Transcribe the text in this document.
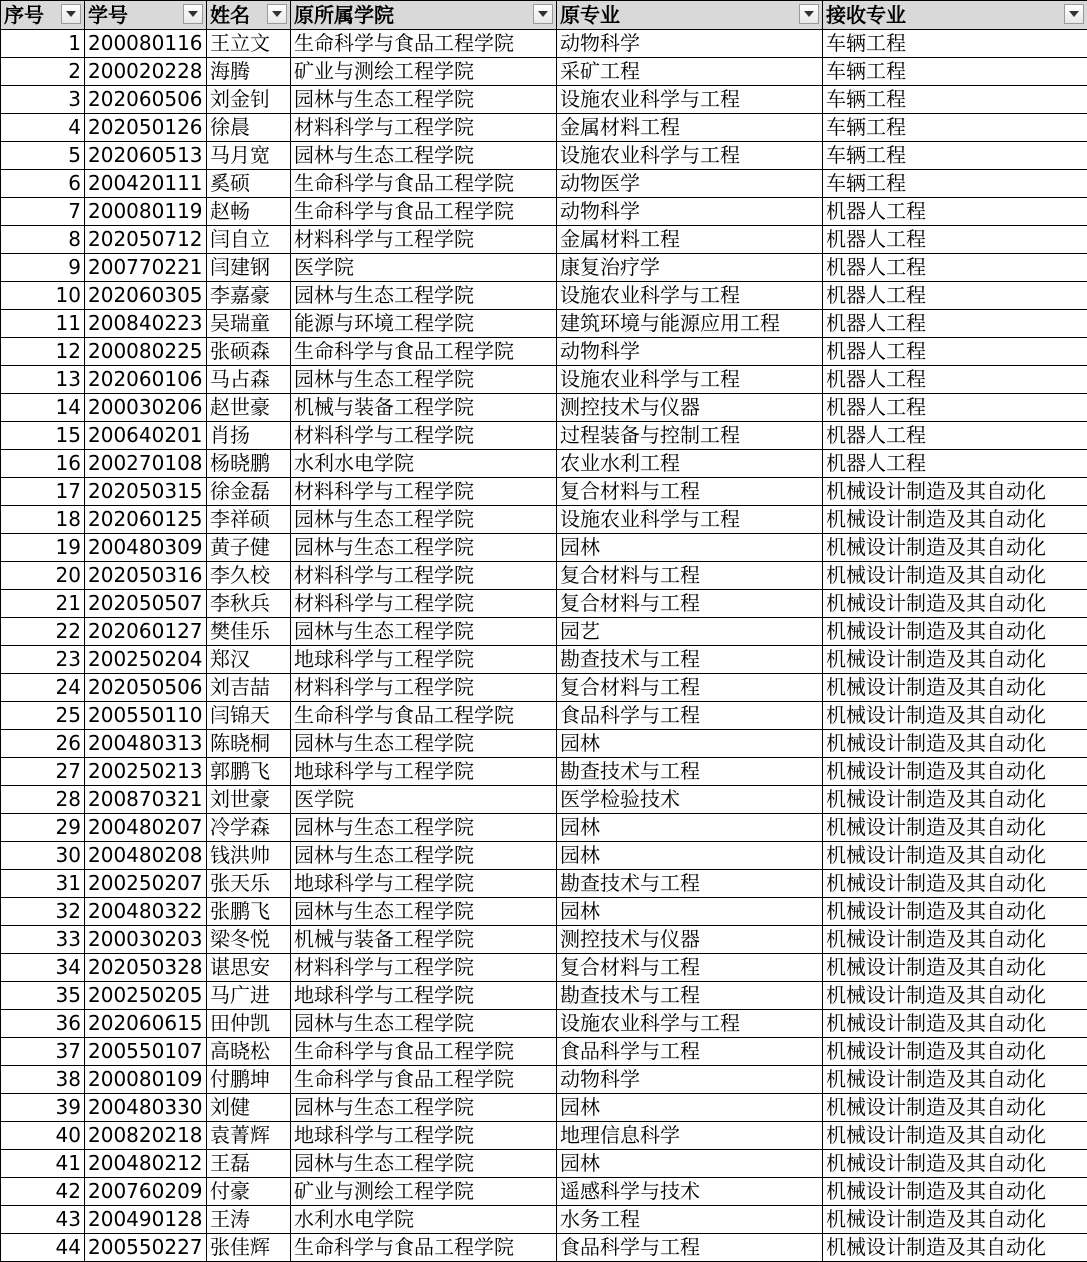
序号	学号	姓名	原所属学院	原专业	接收专业

1	200080116	王立文	生命科学与食品工程学院	动物科学	车辆工程
2	200020228	海腾	矿业与测绘工程学院	采矿工程	车辆工程
3	202060506	刘金钊	园林与生态工程学院	设施农业科学与工程	车辆工程
4	202050126	徐晨	材料科学与工程学院	金属材料工程	车辆工程
5	202060513	马月宽	园林与生态工程学院	设施农业科学与工程	车辆工程
6	200420111	奚硕	生命科学与食品工程学院	动物医学	车辆工程
7	200080119	赵畅	生命科学与食品工程学院	动物科学	机器人工程
8	202050712	闫自立	材料科学与工程学院	金属材料工程	机器人工程
9	200770221	闫建钢	医学院	康复治疗学	机器人工程
10	202060305	李嘉豪	园林与生态工程学院	设施农业科学与工程	机器人工程
11	200840223	吴瑞童	能源与环境工程学院	建筑环境与能源应用工程	机器人工程
12	200080225	张硕森	生命科学与食品工程学院	动物科学	机器人工程
13	202060106	马占森	园林与生态工程学院	设施农业科学与工程	机器人工程
14	200030206	赵世豪	机械与装备工程学院	测控技术与仪器	机器人工程
15	200640201	肖扬	材料科学与工程学院	过程装备与控制工程	机器人工程
16	200270108	杨晓鹏	水利水电学院	农业水利工程	机器人工程
17	202050315	徐金磊	材料科学与工程学院	复合材料与工程	机械设计制造及其自动化
18	202060125	李祥硕	园林与生态工程学院	设施农业科学与工程	机械设计制造及其自动化
19	200480309	黄子健	园林与生态工程学院	园林	机械设计制造及其自动化
20	202050316	李久校	材料科学与工程学院	复合材料与工程	机械设计制造及其自动化
21	202050507	李秋兵	材料科学与工程学院	复合材料与工程	机械设计制造及其自动化
22	202060127	樊佳乐	园林与生态工程学院	园艺	机械设计制造及其自动化
23	200250204	郑汉	地球科学与工程学院	勘查技术与工程	机械设计制造及其自动化
24	202050506	刘吉喆	材料科学与工程学院	复合材料与工程	机械设计制造及其自动化
25	200550110	闫锦天	生命科学与食品工程学院	食品科学与工程	机械设计制造及其自动化
26	200480313	陈晓桐	园林与生态工程学院	园林	机械设计制造及其自动化
27	200250213	郭鹏飞	地球科学与工程学院	勘查技术与工程	机械设计制造及其自动化
28	200870321	刘世豪	医学院	医学检验技术	机械设计制造及其自动化
29	200480207	冷学森	园林与生态工程学院	园林	机械设计制造及其自动化
30	200480208	钱洪帅	园林与生态工程学院	园林	机械设计制造及其自动化
31	200250207	张天乐	地球科学与工程学院	勘查技术与工程	机械设计制造及其自动化
32	200480322	张鹏飞	园林与生态工程学院	园林	机械设计制造及其自动化
33	200030203	梁冬悦	机械与装备工程学院	测控技术与仪器	机械设计制造及其自动化
34	202050328	谌思安	材料科学与工程学院	复合材料与工程	机械设计制造及其自动化
35	200250205	马广进	地球科学与工程学院	勘查技术与工程	机械设计制造及其自动化
36	202060615	田仲凯	园林与生态工程学院	设施农业科学与工程	机械设计制造及其自动化
37	200550107	高晓松	生命科学与食品工程学院	食品科学与工程	机械设计制造及其自动化
38	200080109	付鹏坤	生命科学与食品工程学院	动物科学	机械设计制造及其自动化
39	200480330	刘健	园林与生态工程学院	园林	机械设计制造及其自动化
40	200820218	袁菁辉	地球科学与工程学院	地理信息科学	机械设计制造及其自动化
41	200480212	王磊	园林与生态工程学院	园林	机械设计制造及其自动化
42	200760209	付豪	矿业与测绘工程学院	遥感科学与技术	机械设计制造及其自动化
43	200490128	王涛	水利水电学院	水务工程	机械设计制造及其自动化
44	200550227	张佳辉	生命科学与食品工程学院	食品科学与工程	机械设计制造及其自动化
